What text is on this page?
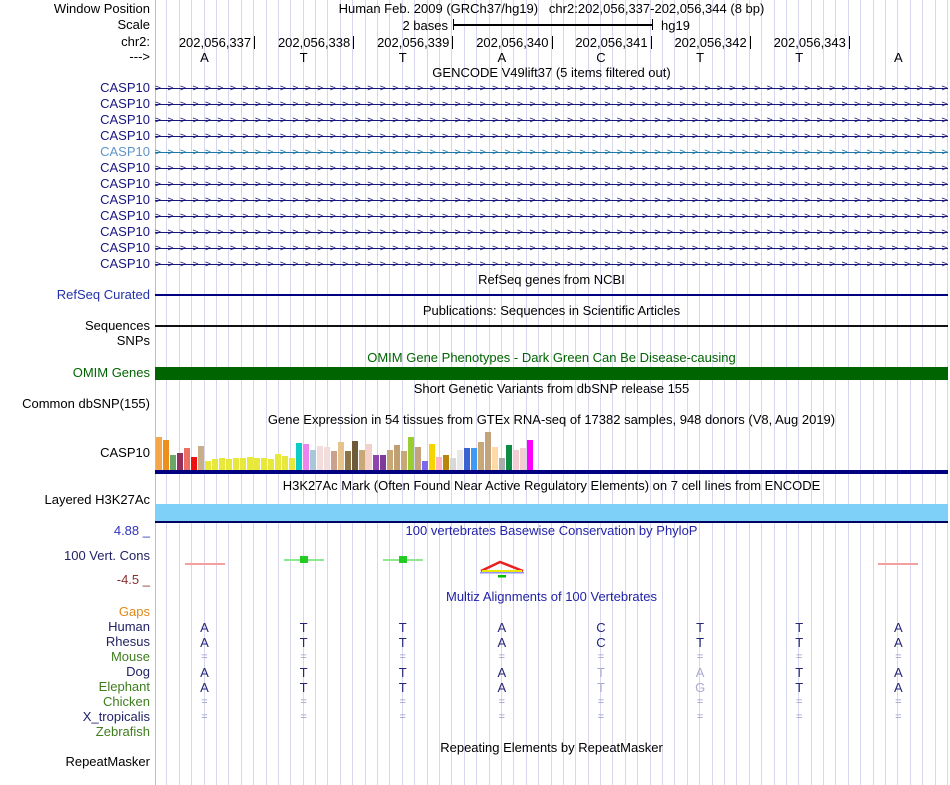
Window Position	Human Feb. 2009 (GRCh37/hg19)   chr2:202,056,337-202,056,344 (8 bp)
Scale	2 bases	hg19
chr2:
--->
GENCODE V49lift37 (5 items filtered out)
RefSeq genes from NCBI
Publications: Sequences in Scientific Articles
OMIM Gene Phenotypes - Dark Green Can Be Disease-causing
Short Genetic Variants from dbSNP release 155
Gene Expression in 54 tissues from GTEx RNA-seq of 17382 samples, 948 donors (V8, Aug 2019)
H3K27Ac Mark (Often Found Near Active Regulatory Elements) on 7 cell lines from ENCODE
100 vertebrates Basewise Conservation by PhyloP
Multiz Alignments of 100 Vertebrates
Repeating Elements by RepeatMasker
RefSeq Curated
Sequences
SNPs
OMIM Genes
Common dbSNP(155)
CASP10
Layered H3K27Ac
4.88 _
100 Vert. Cons
-4.5 _
RepeatMasker
202,056,337	202,056,338	202,056,339	202,056,340	202,056,341	202,056,342	202,056,343
A	T	T	A	C	T	T	A
CASP10 > > > > > > > > > > > > > > > > > > > > > > > > > > > > > > > > > > > > > > > > > > > > > > > > > > > > > > > > > > > > > > > >
CASP10 > > > > > > > > > > > > > > > > > > > > > > > > > > > > > > > > > > > > > > > > > > > > > > > > > > > > > > > > > > > > > > > >
CASP10 > > > > > > > > > > > > > > > > > > > > > > > > > > > > > > > > > > > > > > > > > > > > > > > > > > > > > > > > > > > > > > > >
CASP10 > > > > > > > > > > > > > > > > > > > > > > > > > > > > > > > > > > > > > > > > > > > > > > > > > > > > > > > > > > > > > > > >
CASP10 > > > > > > > > > > > > > > > > > > > > > > > > > > > > > > > > > > > > > > > > > > > > > > > > > > > > > > > > > > > > > > > >
CASP10 > > > > > > > > > > > > > > > > > > > > > > > > > > > > > > > > > > > > > > > > > > > > > > > > > > > > > > > > > > > > > > > >
CASP10 > > > > > > > > > > > > > > > > > > > > > > > > > > > > > > > > > > > > > > > > > > > > > > > > > > > > > > > > > > > > > > > >
CASP10 > > > > > > > > > > > > > > > > > > > > > > > > > > > > > > > > > > > > > > > > > > > > > > > > > > > > > > > > > > > > > > > >
CASP10 > > > > > > > > > > > > > > > > > > > > > > > > > > > > > > > > > > > > > > > > > > > > > > > > > > > > > > > > > > > > > > > >
CASP10 > > > > > > > > > > > > > > > > > > > > > > > > > > > > > > > > > > > > > > > > > > > > > > > > > > > > > > > > > > > > > > > >
CASP10 > > > > > > > > > > > > > > > > > > > > > > > > > > > > > > > > > > > > > > > > > > > > > > > > > > > > > > > > > > > > > > > >
CASP10 > > > > > > > > > > > > > > > > > > > > > > > > > > > > > > > > > > > > > > > > > > > > > > > > > > > > > > > > > > > > > > > >
Gaps
Human	A	T	T	A	C	T	T	A
Rhesus	A	T	T	A	C	T	T	A
Mouse	=	=	=	=	=	=	=	=
Dog	A	T	T	A	T	A	T	A
Elephant	A	T	T	A	T	G	T	A
Chicken	=	=	=	=	=	=	=	=
X_tropicalis	=	=	=	=	=	=	=	=
Zebrafish
